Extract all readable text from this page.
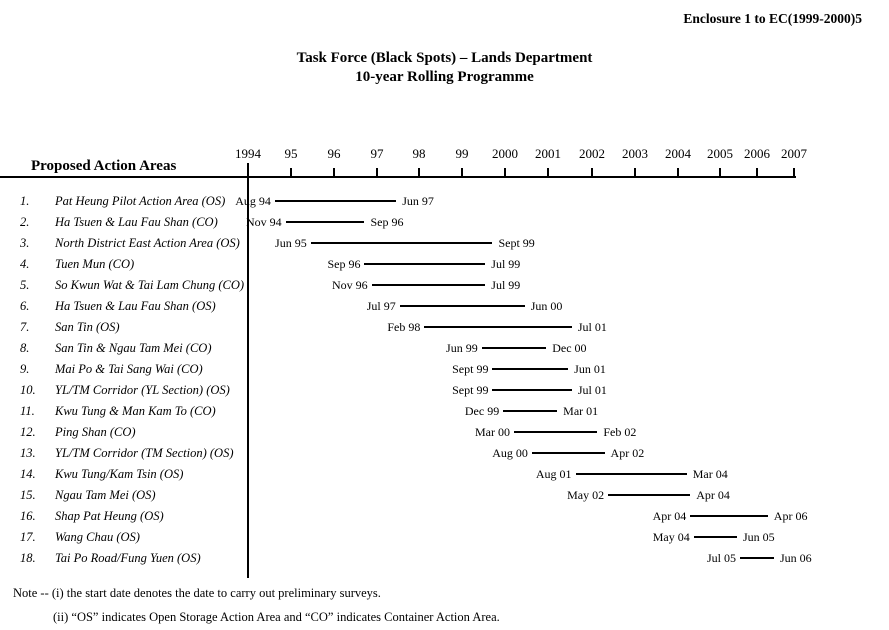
Enclosure 1 to EC(1999-2000)5
Task Force (Black Spots) – Lands Department
10-year Rolling Programme
Proposed Action Areas
1994	95	96	97	98	99	2000	2001	2002	2003	2004	2005 2006 2007
1. Pat Heung Pilot Action Area (OS) Aug 94	Jun 97
2. Ha Tsuen & Lau Fau Shan (CO) Nov 94	Sep 96
3. North District East Action Area (OS)	Jun 95	Sept 99
4. Tuen Mun (CO)	Sep 96	Jul 99
5. So Kwun Wat & Tai Lam Chung (CO)	Nov 96	Jul 99
6. Ha Tsuen & Lau Fau Shan (OS)	Jul 97	Jun 00
7. San Tin (OS)	Feb 98	Jul 01
8. San Tin & Ngau Tam Mei (CO)	Jun 99	Dec 00
9. Mai Po & Tai Sang Wai (CO)	Sept 99	Jun 01
10. YL/TM Corridor (YL Section) (OS)	Sept 99	Jul 01
11. Kwu Tung & Man Kam To (CO)	Dec 99	Mar 01
12. Ping Shan (CO)	Mar 00	Feb 02
13. YL/TM Corridor (TM Section) (OS)	Aug 00	Apr 02
14. Kwu Tung/Kam Tsin (OS)	Aug 01	Mar 04
15. Ngau Tam Mei (OS)	May 02	Apr 04
16. Shap Pat Heung (OS)	Apr 04	Apr 06
17. Wang Chau (OS)	May 04	Jun 05
18. Tai Po Road/Fung Yuen (OS)	Jul 05	Jun 06
Note -- (i) the start date denotes the date to carry out preliminary surveys.
(ii) “OS” indicates Open Storage Action Area and “CO” indicates Container Action Area.
